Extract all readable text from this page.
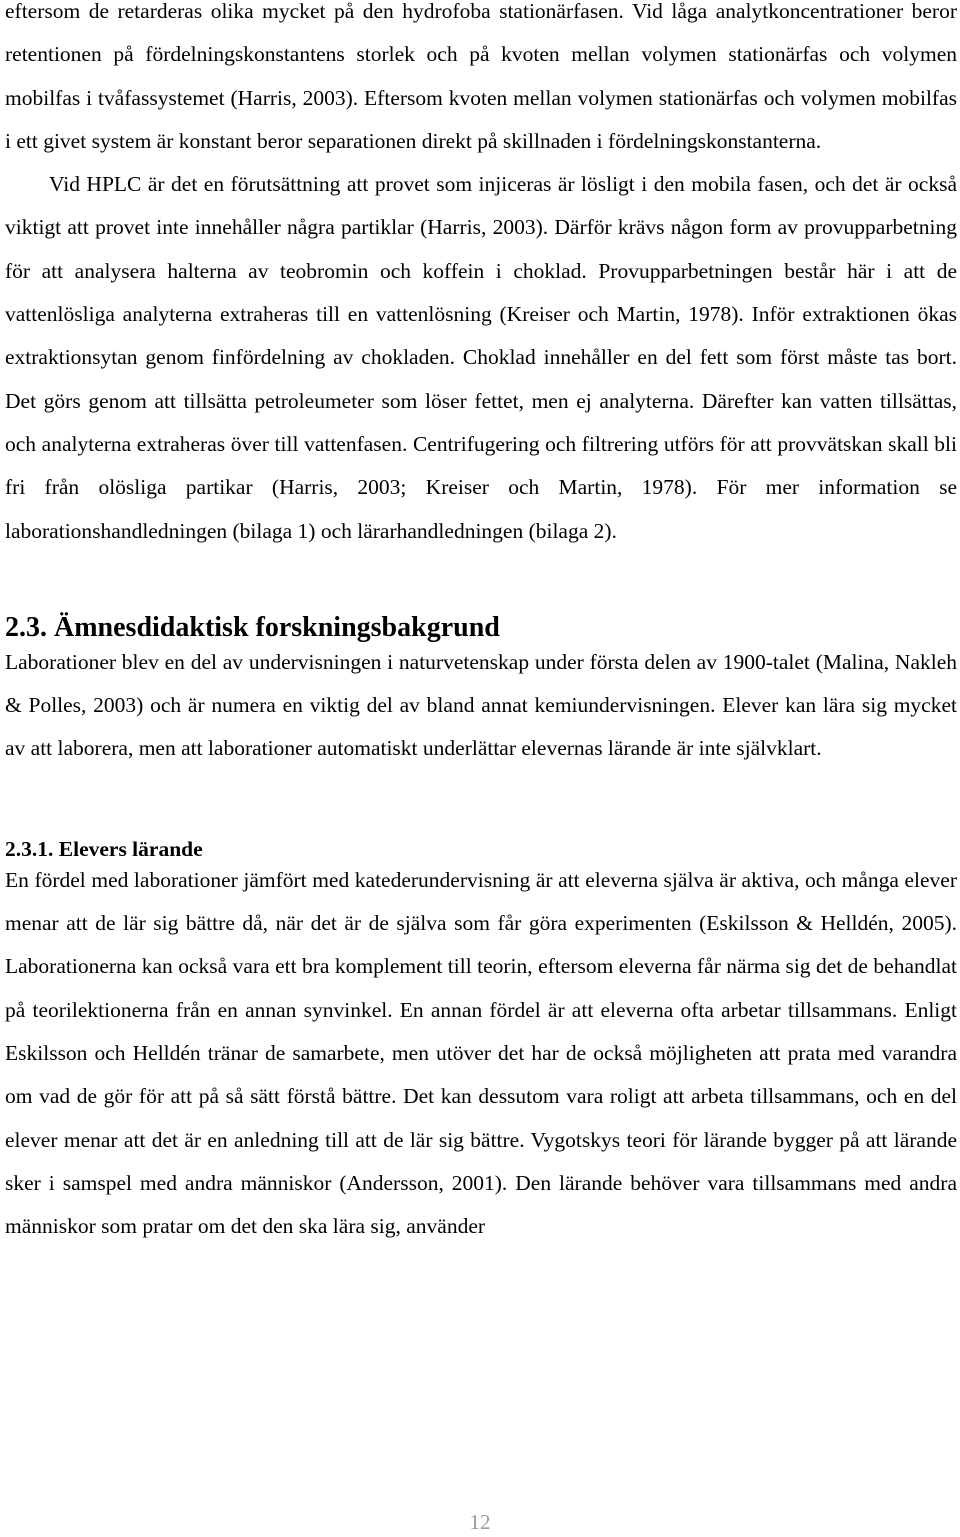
eftersom de retarderas olika mycket på den hydrofoba stationärfasen. Vid låga analytkoncentrationer beror retentionen på fördelningskonstantens storlek och på kvoten mellan volymen stationärfas och volymen mobilfas i tvåfassystemet (Harris, 2003). Eftersom kvoten mellan volymen stationärfas och volymen mobilfas i ett givet system är konstant beror separationen direkt på skillnaden i fördelningskonstanterna.

Vid HPLC är det en förutsättning att provet som injiceras är lösligt i den mobila fasen, och det är också viktigt att provet inte innehåller några partiklar (Harris, 2003). Därför krävs någon form av provupparbetning för att analysera halterna av teobromin och koffein i choklad. Provupparbetningen består här i att de vattenlösliga analyterna extraheras till en vattenlösning (Kreiser och Martin, 1978). Inför extraktionen ökas extraktionsytan genom finfördelning av chokladen. Choklad innehåller en del fett som först måste tas bort. Det görs genom att tillsätta petroleumeter som löser fettet, men ej analyterna. Därefter kan vatten tillsättas, och analyterna extraheras över till vattenfasen. Centrifugering och filtrering utförs för att provvätskan skall bli fri från olösliga partikar (Harris, 2003; Kreiser och Martin, 1978). För mer information se laborationshandledningen (bilaga 1) och lärarhandledningen (bilaga 2).

2.3. Ämnesdidaktisk forskningsbakgrund

Laborationer blev en del av undervisningen i naturvetenskap under första delen av 1900-talet (Malina, Nakleh & Polles, 2003) och är numera en viktig del av bland annat kemiundervisningen. Elever kan lära sig mycket av att laborera, men att laborationer automatiskt underlättar elevernas lärande är inte självklart.

2.3.1. Elevers lärande

En fördel med laborationer jämfört med katederundervisning är att eleverna själva är aktiva, och många elever menar att de lär sig bättre då, när det är de själva som får göra experimenten (Eskilsson & Helldén, 2005). Laborationerna kan också vara ett bra komplement till teorin, eftersom eleverna får närma sig det de behandlat på teorilektionerna från en annan synvinkel. En annan fördel är att eleverna ofta arbetar tillsammans. Enligt Eskilsson och Helldén tränar de samarbete, men utöver det har de också möjligheten att prata med varandra om vad de gör för att på så sätt förstå bättre. Det kan dessutom vara roligt att arbeta tillsammans, och en del elever menar att det är en anledning till att de lär sig bättre. Vygotskys teori för lärande bygger på att lärande sker i samspel med andra människor (Andersson, 2001). Den lärande behöver vara tillsammans med andra människor som pratar om det den ska lära sig, använder

12
